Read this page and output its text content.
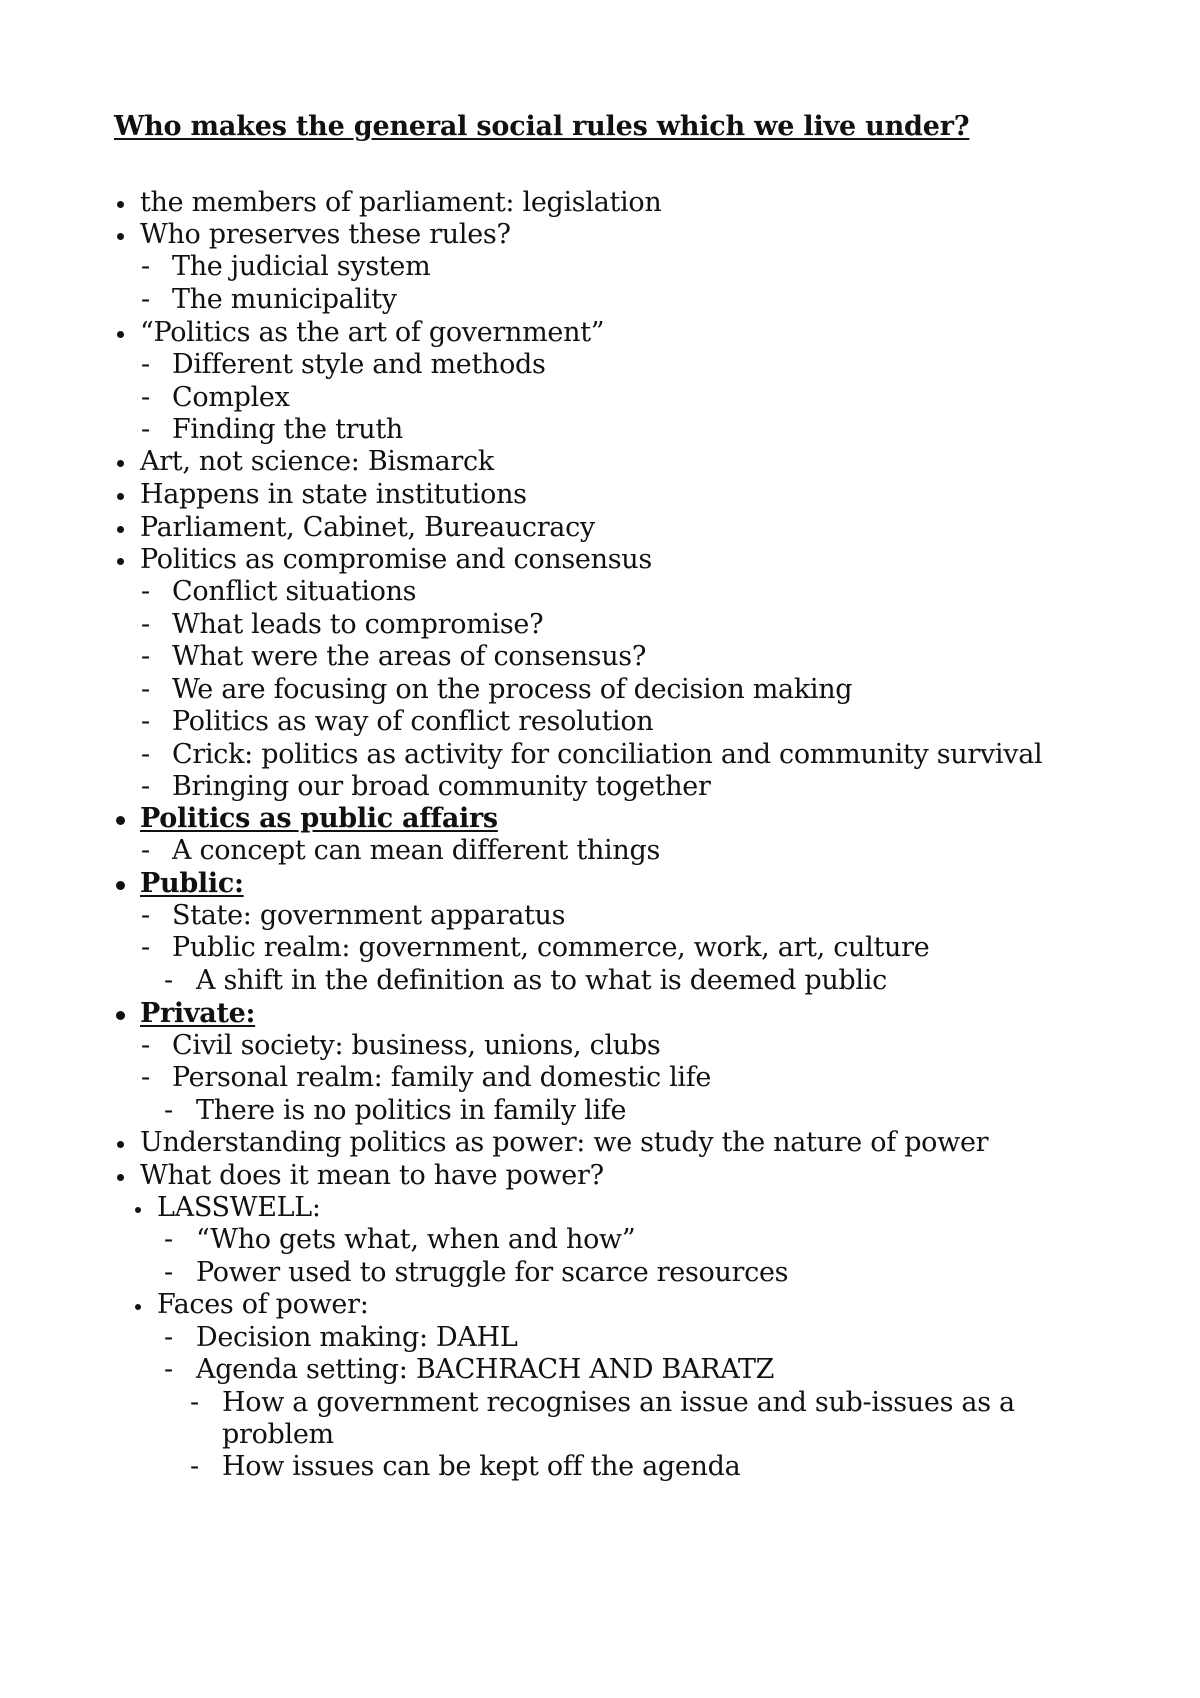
Who makes the general social rules which we live under?
the members of parliament: legislation
Who preserves these rules?
- The judicial system
- The municipality
“Politics as the art of government”
- Different style and methods
- Complex
- Finding the truth
Art, not science: Bismarck
Happens in state institutions
Parliament, Cabinet, Bureaucracy
Politics as compromise and consensus
- Conflict situations
- What leads to compromise?
- What were the areas of consensus?
- We are focusing on the process of decision making
- Politics as way of conflict resolution
- Crick: politics as activity for conciliation and community survival
- Bringing our broad community together
Politics as public affairs
- A concept can mean different things
Public:
- State: government apparatus
- Public realm: government, commerce, work, art, culture
- A shift in the definition as to what is deemed public
Private:
- Civil society: business, unions, clubs
- Personal realm: family and domestic life
- There is no politics in family life
Understanding politics as power: we study the nature of power
What does it mean to have power?
LASSWELL:
- “Who gets what, when and how”
- Power used to struggle for scarce resources
Faces of power:
- Decision making: DAHL
- Agenda setting: BACHRACH AND BARATZ
- How a government recognises an issue and sub-issues as a
problem
- How issues can be kept off the agenda
